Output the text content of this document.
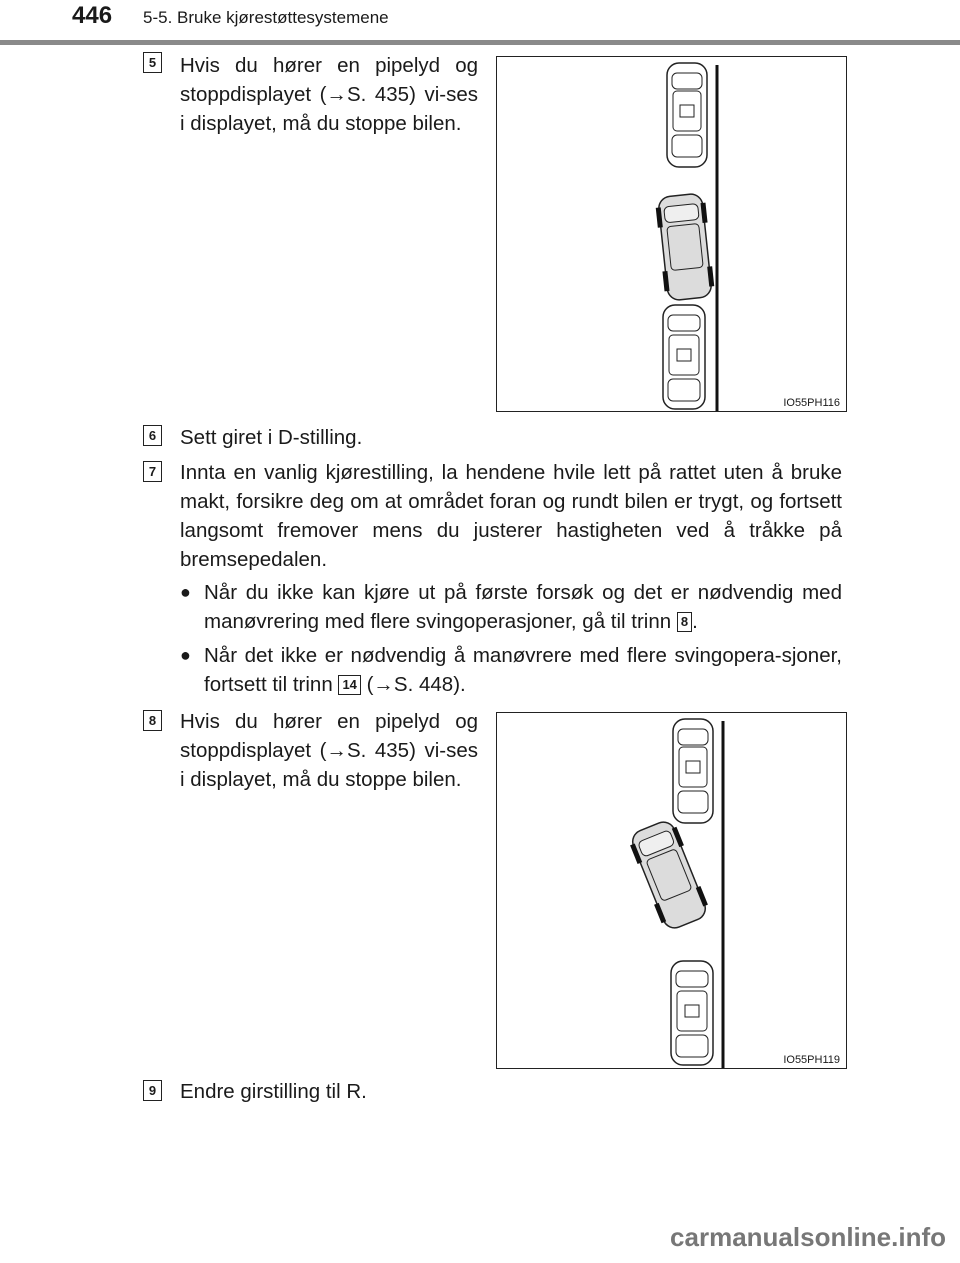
446 5-5. Bruke kjørestøttesystemene
5 Hvis du hører en pipelyd og stoppdisplayet (→S. 435) vi-ses i displayet, må du stoppe bilen.
IO55PH116
6 Sett giret i D-stilling.
7 Innta en vanlig kjørestilling, la hendene hvile lett på rattet uten å bruke makt, forsikre deg om at området foran og rundt bilen er trygt, og fortsett langsomt fremover mens du justerer hastigheten ved å tråkke på bremsepedalen.
● Når du ikke kan kjøre ut på første forsøk og det er nødvendig med manøvrering med flere svingoperasjoner, gå til trinn 8 .
● Når det ikke er nødvendig å manøvrere med flere svingopera-sjoner, fortsett til trinn 14 (→S. 448).
8 Hvis du hører en pipelyd og stoppdisplayet (→S. 435) vi-ses i displayet, må du stoppe bilen.
IO55PH119
9 Endre girstilling til R.
carmanualsonline.info
